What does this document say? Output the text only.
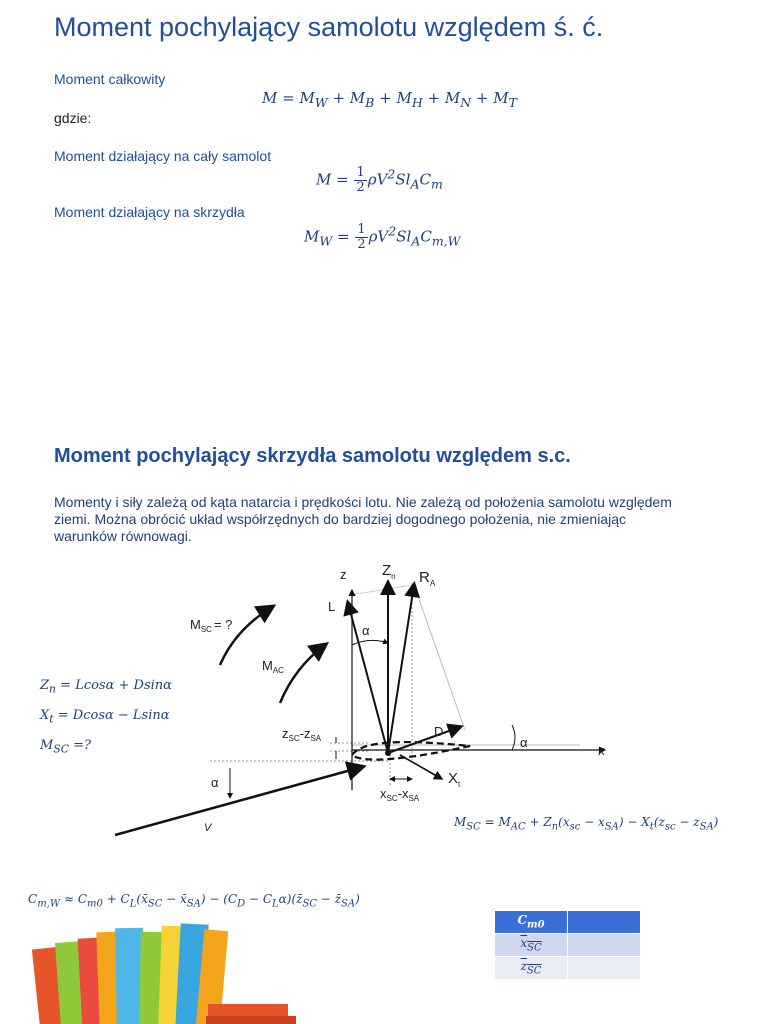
Moment pochylający samolotu względem ś. ć.
Moment całkowity
$M = M_W + M_B + M_H + M_N + M_T$
gdzie:
Moment działający na cały samolot
$M = \frac{1}{2} \rho V^2Sl_AC_m$
Moment działający na skrzydła
$M_W = \frac{1}{2} \rho V^2Sl_AC_{m,W}$
Moment pochylający skrzydła samolotu względem s.c.
Momenty i siły zależą od kąta natarcia i prędkości lotu. Nie zależą od położenia samolotu względem ziemi. Można obrócić układ współrzędnych do bardziej dogodnego położenia, nie zmieniając warunków równowagi.
$Z_n = Lcos\alpha + Dsin\alpha$
$X_t = Dcos\alpha - Lsin\alpha$
$M_{SC}$ =?
z $Z_n$ $R_A$
L
α
$M_{SC}$ = ?
$M_{AC}$
$z_{SC}-z_{SA}$	D
α
x
$X_t$
$x_{SC}-x_{SA}$
α
V	$M_{SC} = M_{AC} + Z_n(x_{sc} - x_{SA}) - X_t(z_{sc} - z_{SA})$
$C_{m,W} \approx C_{m0}$ + $C_L(x̄_{SC}$ − $x̄_{SA}) - (C_D$ − $C_L\alpha)(z̄_{SC}$ − $z̄_{SA}$)
$C_{m0}$	
$x_{SC}$	
$z_{SC}$	
